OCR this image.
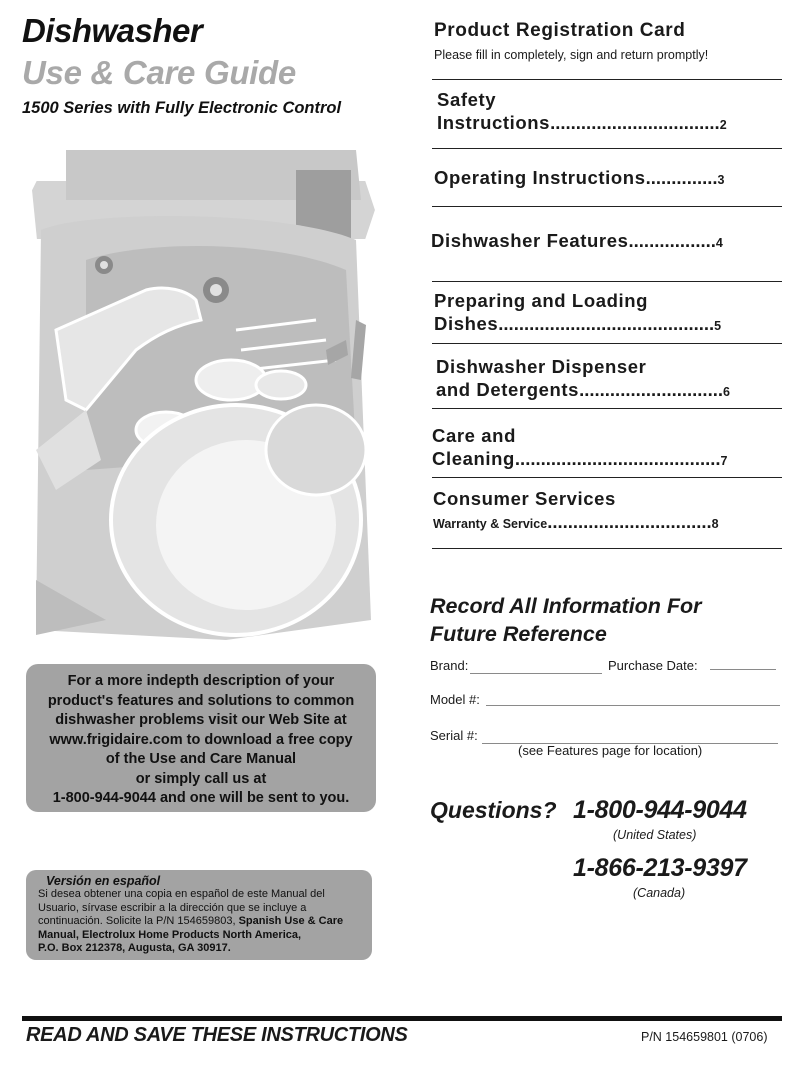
Dishwasher
Use & Care Guide
1500 Series with Fully Electronic Control
Product Registration Card
Please fill in completely, sign and return promptly!
Safety
Instructions.................................2
Operating Instructions..............3
Dishwasher Features.................4
Preparing and Loading
Dishes..........................................5
Dishwasher Dispenser
and Detergents............................6
Care and
Cleaning........................................7
Consumer Services
Warranty & Service................................8
Record All Information For
Future Reference
Brand:	Purchase Date:
Model #:
Serial #:
(see Features page for location)
Questions? 1-800-944-9044
(United States)
1-866-213-9397
(Canada)
For a more indepth description of your
product's features and solutions to common
dishwasher problems visit our Web Site at
www.frigidaire.com to download a free copy
of the Use and Care Manual
or simply call us at
1-800-944-9044 and one will be sent to you.
Versión en español
Si desea obtener una copia en español de este Manual del
Usuario, sírvase escribir a la dirección que se incluye a
continuación. Solicite la P/N 154659803, Spanish Use & Care
Manual, Electrolux Home Products North America,
P.O. Box 212378, Augusta, GA 30917.
READ AND SAVE THESE INSTRUCTIONS	P/N 154659801 (0706)
